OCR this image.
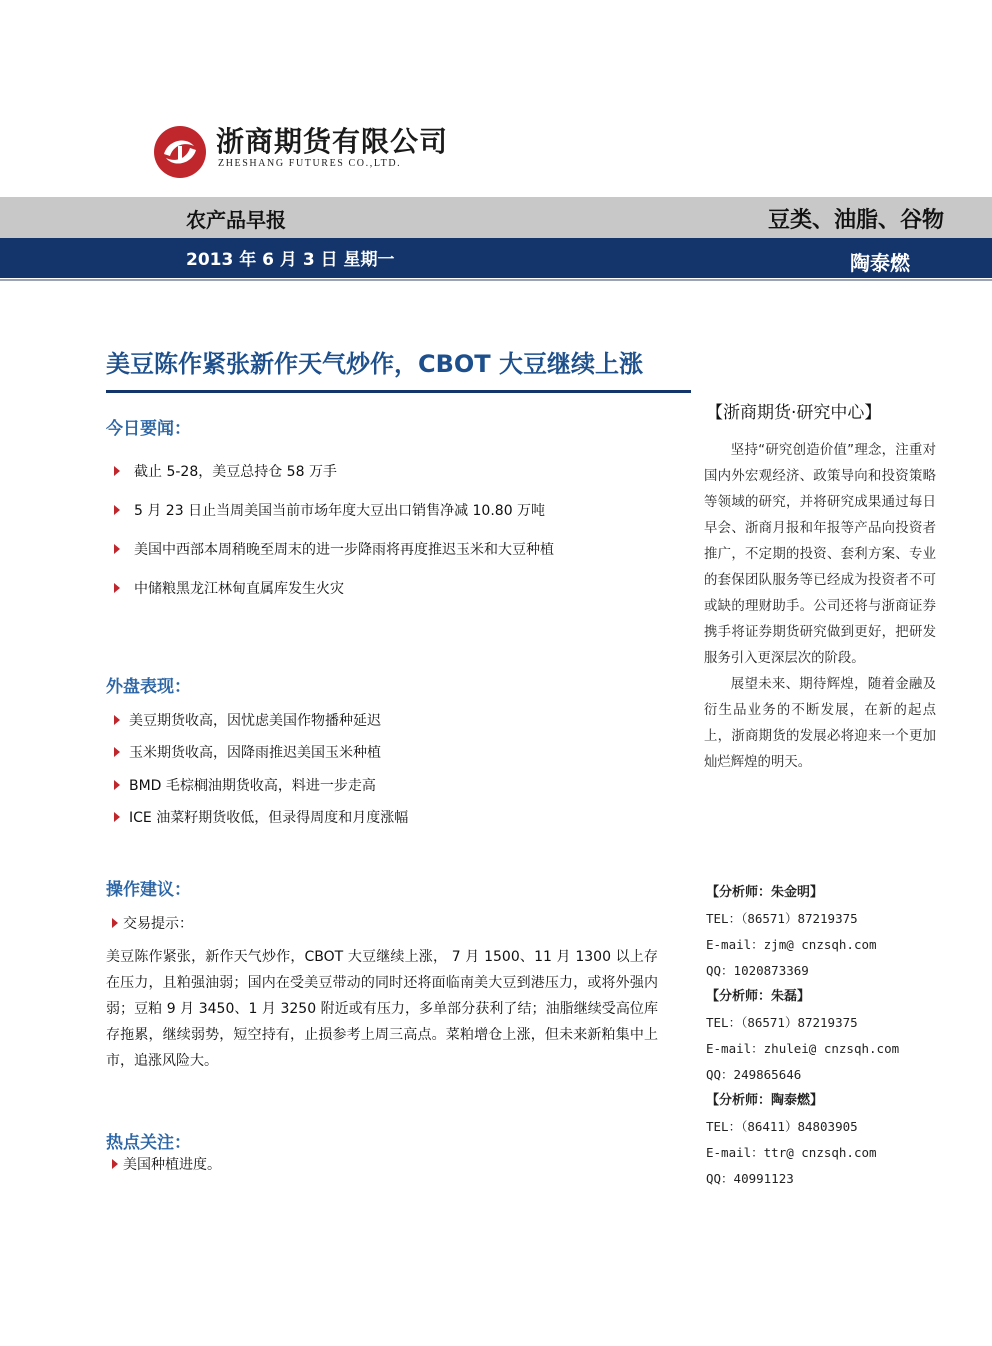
浙商期货有限公司
ZHESHANG FUTURES CO.,LTD.
农产品早报	豆类、油脂、谷物
2013 年 6 月 3 日 星期一	陶泰燃
美豆陈作紧张新作天气炒作，CBOT 大豆继续上涨
今日要闻：
截止 5-28，美豆总持仓 58 万手
5 月 23 日止当周美国当前市场年度大豆出口销售净减 10.80 万吨
美国中西部本周稍晚至周末的进一步降雨将再度推迟玉米和大豆种植
中储粮黑龙江林甸直属库发生火灾
外盘表现：
美豆期货收高，因忧虑美国作物播种延迟
玉米期货收高，因降雨推迟美国玉米种植
BMD 毛棕榈油期货收高，料进一步走高
ICE 油菜籽期货收低，但录得周度和月度涨幅
操作建议：
交易提示：
美豆陈作紧张，新作天气炒作，CBOT 大豆继续上涨， 7 月 1500、11 月 1300 以上存在压力，且粕强油弱；国内在受美豆带动的同时还将面临南美大豆到港压力，或将外强内弱；豆粕 9 月 3450、1 月 3250 附近或有压力，多单部分获利了结；油脂继续受高位库存拖累，继续弱势，短空持有，止损参考上周三高点。菜粕增仓上涨，但未来新粕集中上市，追涨风险大。
热点关注：
美国种植进度。
【浙商期货·研究中心】

坚持“研究创造价值”理念，注重对国内外宏观经济、政策导向和投资策略等领域的研究，并将研究成果通过每日早会、浙商月报和年报等产品向投资者推广，不定期的投资、套利方案、专业的套保团队服务等已经成为投资者不可或缺的理财助手。公司还将与浙商证券携手将证券期货研究做到更好，把研发服务引入更深层次的阶段。

展望未来、期待辉煌，随着金融及衍生品业务的不断发展，在新的起点上，浙商期货的发展必将迎来一个更加灿烂辉煌的明天。

【分析师：朱金明】
TEL：（86571）87219375
E-mail：zjm@ cnzsqh.com
QQ：1020873369
【分析师：朱磊】
TEL：（86571）87219375
E-mail：zhulei@ cnzsqh.com
QQ：249865646
【分析师：陶泰燃】
TEL：（86411）84803905
E-mail：ttr@ cnzsqh.com
QQ：40991123
